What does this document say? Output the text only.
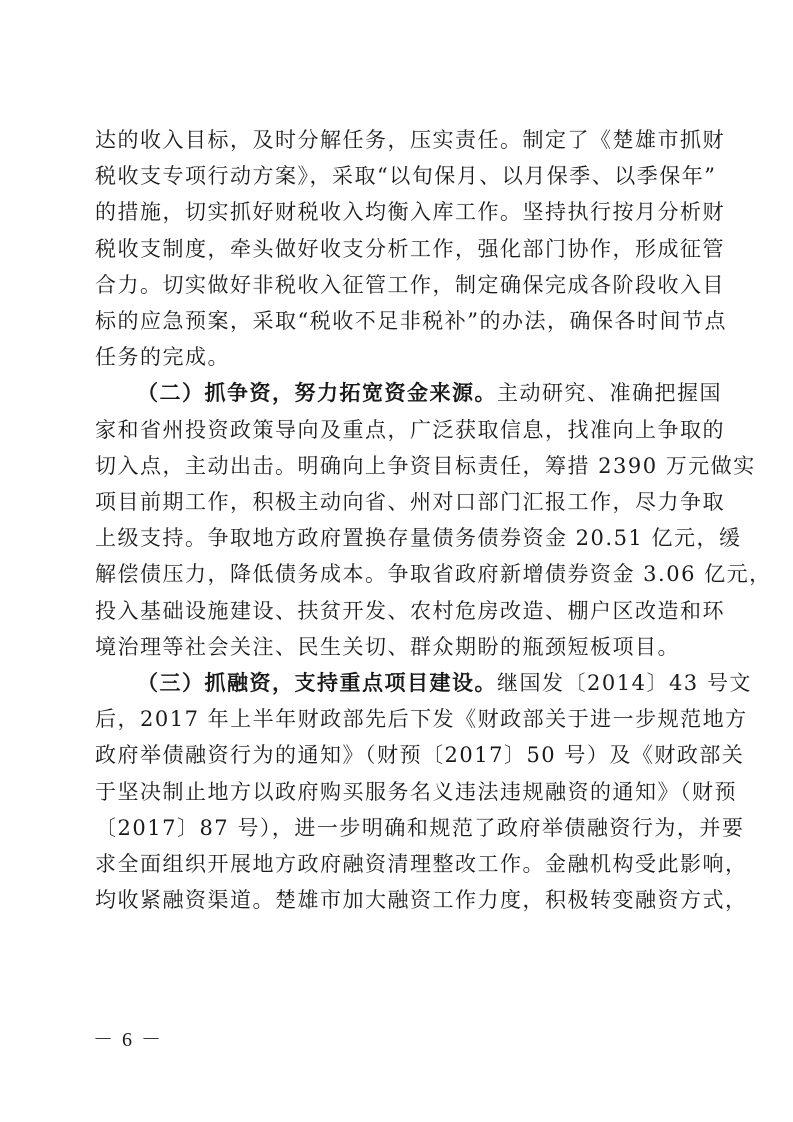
达的收入目标，及时分解任务，压实责任。制定了《楚雄市抓财
税收支专项行动方案》，采取“以旬保月、以月保季、以季保年”
的措施，切实抓好财税收入均衡入库工作。坚持执行按月分析财
税收支制度，牵头做好收支分析工作，强化部门协作，形成征管
合力。切实做好非税收入征管工作，制定确保完成各阶段收入目
标的应急预案，采取“税收不足非税补”的办法，确保各时间节点
任务的完成。
（二）抓争资，努力拓宽资金来源。主动研究、准确把握国
家和省州投资政策导向及重点，广泛获取信息，找准向上争取的
切入点，主动出击。明确向上争资目标责任，筹措 2390 万元做实
项目前期工作，积极主动向省、州对口部门汇报工作，尽力争取
上级支持。争取地方政府置换存量债务债券资金 20.51 亿元，缓
解偿债压力，降低债务成本。争取省政府新增债券资金 3.06 亿元，
投入基础设施建设、扶贫开发、农村危房改造、棚户区改造和环
境治理等社会关注、民生关切、群众期盼的瓶颈短板项目。
（三）抓融资，支持重点项目建设。继国发〔2014〕43 号文
后，2017 年上半年财政部先后下发《财政部关于进一步规范地方
政府举债融资行为的通知》（财预〔2017〕50 号）及《财政部关
于坚决制止地方以政府购买服务名义违法违规融资的通知》（财预
〔2017〕87 号），进一步明确和规范了政府举债融资行为，并要
求全面组织开展地方政府融资清理整改工作。金融机构受此影响，
均收紧融资渠道。楚雄市加大融资工作力度，积极转变融资方式，
－ 6 －
